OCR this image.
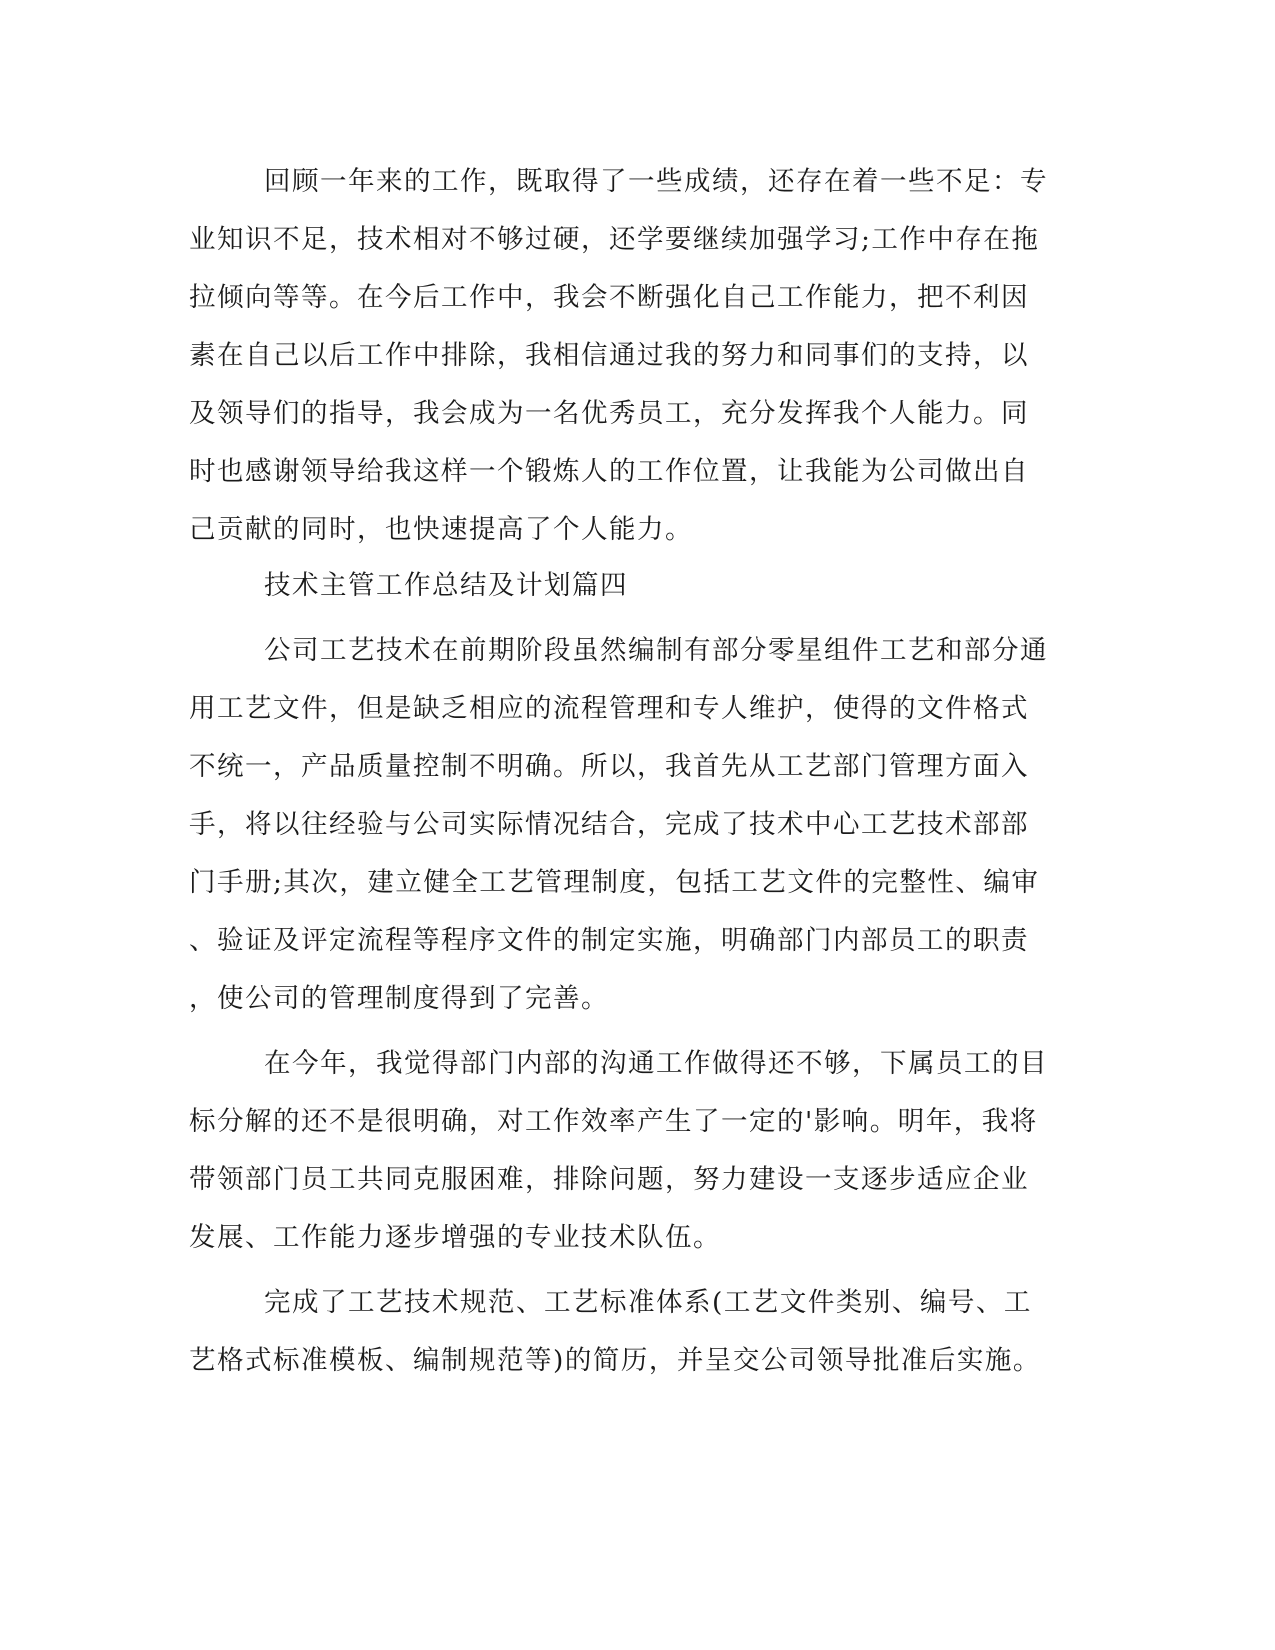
回顾一年来的工作，既取得了一些成绩，还存在着一些不足：专
业知识不足，技术相对不够过硬，还学要继续加强学习;工作中存在拖
拉倾向等等。在今后工作中，我会不断强化自己工作能力，把不利因
素在自己以后工作中排除，我相信通过我的努力和同事们的支持，以
及领导们的指导，我会成为一名优秀员工，充分发挥我个人能力。同
时也感谢领导给我这样一个锻炼人的工作位置，让我能为公司做出自
己贡献的同时，也快速提高了个人能力。
技术主管工作总结及计划篇四
公司工艺技术在前期阶段虽然编制有部分零星组件工艺和部分通
用工艺文件，但是缺乏相应的流程管理和专人维护，使得的文件格式
不统一，产品质量控制不明确。所以，我首先从工艺部门管理方面入
手，将以往经验与公司实际情况结合，完成了技术中心工艺技术部部
门手册;其次，建立健全工艺管理制度，包括工艺文件的完整性、编审
、验证及评定流程等程序文件的制定实施，明确部门内部员工的职责
，使公司的管理制度得到了完善。
在今年，我觉得部门内部的沟通工作做得还不够，下属员工的目
标分解的还不是很明确，对工作效率产生了一定的'影响。明年，我将
带领部门员工共同克服困难，排除问题，努力建设一支逐步适应企业
发展、工作能力逐步增强的专业技术队伍。
完成了工艺技术规范、工艺标准体系(工艺文件类别、编号、工
艺格式标准模板、编制规范等)的简历，并呈交公司领导批准后实施。
